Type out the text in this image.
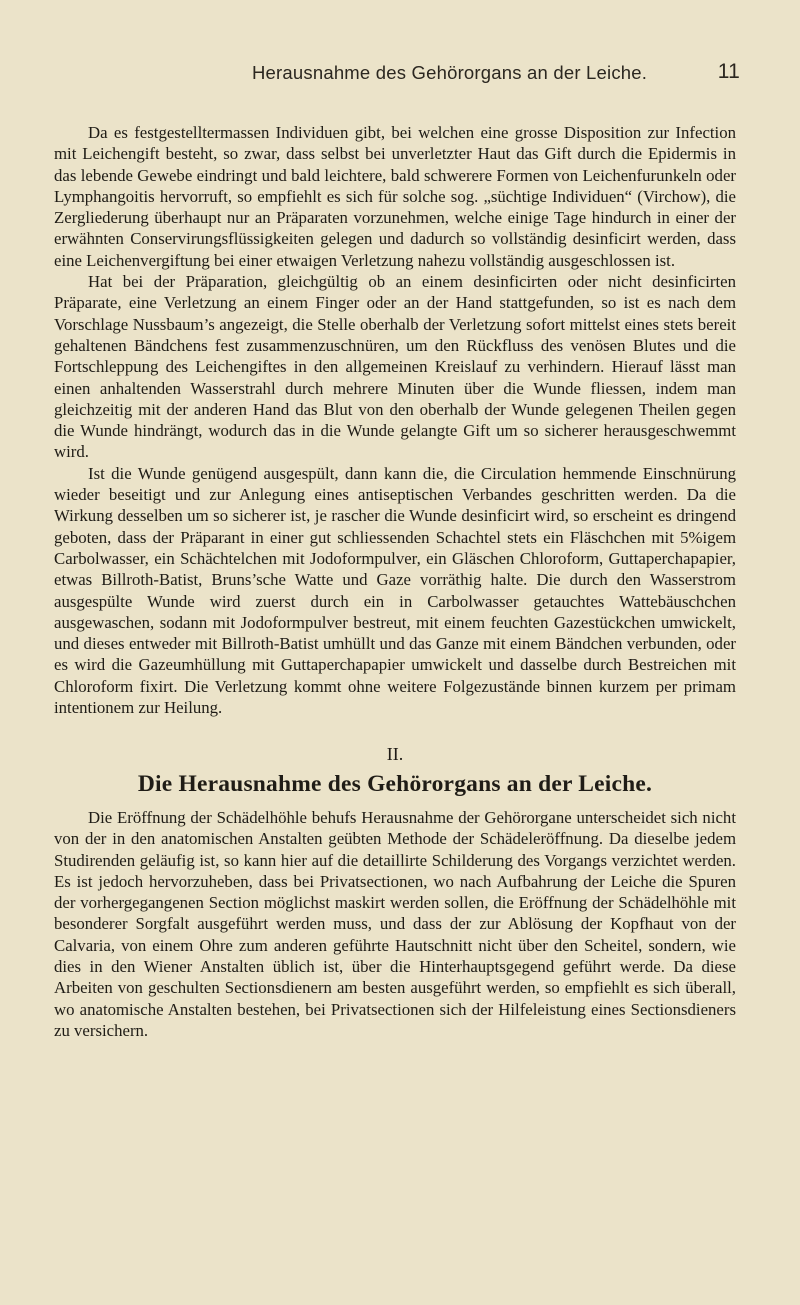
Herausnahme des Gehörorgans an der Leiche.	11

Da es festgestelltermassen Individuen gibt, bei welchen eine grosse Disposition zur Infection mit Leichengift besteht, so zwar, dass selbst bei unverletzter Haut das Gift durch die Epidermis in das lebende Gewebe eindringt und bald leichtere, bald schwerere Formen von Leichenfurunkeln oder Lymphangoitis hervorruft, so empfiehlt es sich für solche sog. „süchtige Individuen“ (Virchow), die Zergliederung überhaupt nur an Präparaten vorzunehmen, welche einige Tage hindurch in einer der erwähnten Conservirungsflüssigkeiten gelegen und dadurch so vollständig desinficirt werden, dass eine Leichenvergiftung bei einer etwaigen Verletzung nahezu vollständig ausgeschlossen ist.

Hat bei der Präparation, gleichgültig ob an einem desinficirten oder nicht desinficirten Präparate, eine Verletzung an einem Finger oder an der Hand stattgefunden, so ist es nach dem Vorschlage Nussbaum’s angezeigt, die Stelle oberhalb der Verletzung sofort mittelst eines stets bereit gehaltenen Bändchens fest zusammenzuschnüren, um den Rückfluss des venösen Blutes und die Fortschleppung des Leichengiftes in den allgemeinen Kreislauf zu verhindern. Hierauf lässt man einen anhaltenden Wasserstrahl durch mehrere Minuten über die Wunde fliessen, indem man gleichzeitig mit der anderen Hand das Blut von den oberhalb der Wunde gelegenen Theilen gegen die Wunde hindrängt, wodurch das in die Wunde gelangte Gift um so sicherer herausgeschwemmt wird.

Ist die Wunde genügend ausgespült, dann kann die, die Circulation hemmende Einschnürung wieder beseitigt und zur Anlegung eines antiseptischen Verbandes geschritten werden. Da die Wirkung desselben um so sicherer ist, je rascher die Wunde desinficirt wird, so erscheint es dringend geboten, dass der Präparant in einer gut schliessenden Schachtel stets ein Fläschchen mit 5%igem Carbolwasser, ein Schächtelchen mit Jodoformpulver, ein Gläschen Chloroform, Guttaperchapapier, etwas Billroth-Batist, Bruns’sche Watte und Gaze vorräthig halte. Die durch den Wasserstrom ausgespülte Wunde wird zuerst durch ein in Carbolwasser getauchtes Wattebäuschchen ausgewaschen, sodann mit Jodoformpulver bestreut, mit einem feuchten Gazestückchen umwickelt, und dieses entweder mit Billroth-Batist umhüllt und das Ganze mit einem Bändchen verbunden, oder es wird die Gazeumhüllung mit Guttaperchapapier umwickelt und dasselbe durch Bestreichen mit Chloroform fixirt. Die Verletzung kommt ohne weitere Folgezustände binnen kurzem per primam intentionem zur Heilung.

II.
Die Herausnahme des Gehörorgans an der Leiche.

Die Eröffnung der Schädelhöhle behufs Herausnahme der Gehörorgane unterscheidet sich nicht von der in den anatomischen Anstalten geübten Methode der Schädeleröffnung. Da dieselbe jedem Studirenden geläufig ist, so kann hier auf die detaillirte Schilderung des Vorgangs verzichtet werden. Es ist jedoch hervorzuheben, dass bei Privatsectionen, wo nach Aufbahrung der Leiche die Spuren der vorhergegangenen Section möglichst maskirt werden sollen, die Eröffnung der Schädelhöhle mit besonderer Sorgfalt ausgeführt werden muss, und dass der zur Ablösung der Kopfhaut von der Calvaria, von einem Ohre zum anderen geführte Hautschnitt nicht über den Scheitel, sondern, wie dies in den Wiener Anstalten üblich ist, über die Hinterhauptsgegend geführt werde. Da diese Arbeiten von geschulten Sectionsdienern am besten ausgeführt werden, so empfiehlt es sich überall, wo anatomische Anstalten bestehen, bei Privatsectionen sich der Hilfeleistung eines Sectionsdieners zu versichern.
